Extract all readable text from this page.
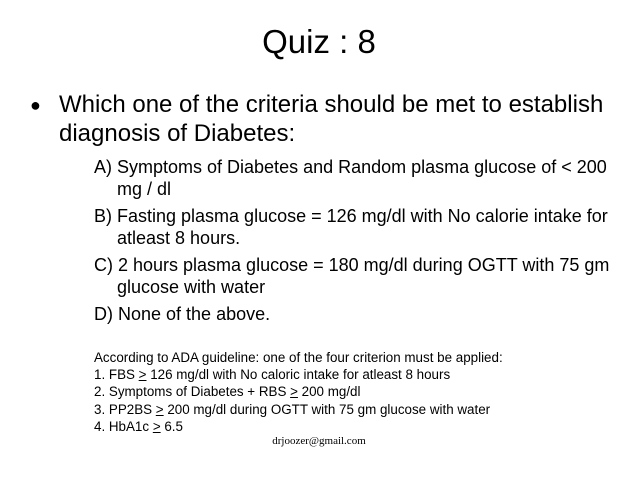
Quiz : 8
● Which one of the criteria should be met to establish diagnosis of Diabetes:
A) Symptoms of Diabetes and Random plasma glucose of < 200 mg / dl
B) Fasting plasma glucose = 126 mg/dl with No calorie intake for atleast 8 hours.
C) 2 hours plasma glucose = 180 mg/dl during OGTT with 75 gm glucose with water
D) None of the above.
According to ADA guideline: one of the four criterion must be applied:
1. FBS ≥ 126 mg/dl with No caloric intake for atleast 8 hours
2. Symptoms of Diabetes + RBS ≥ 200 mg/dl
3. PP2BS ≥ 200 mg/dl during OGTT with 75 gm glucose with water
4. HbA1c ≥ 6.5
drjoozer@gmail.com
